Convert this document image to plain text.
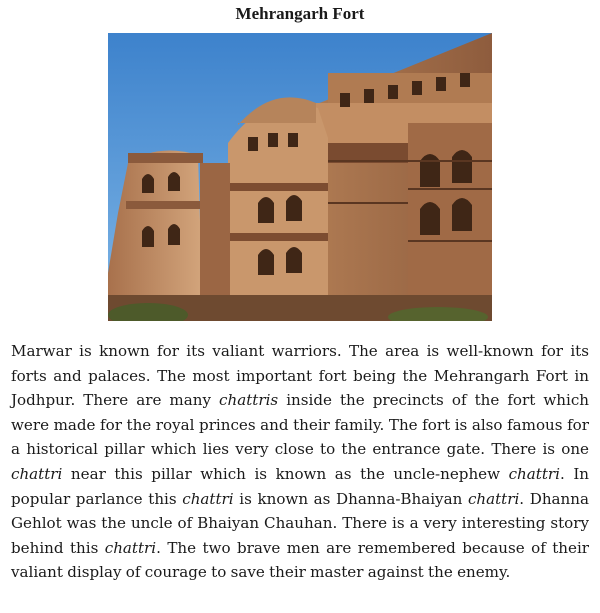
Mehrangarh Fort

Marwar is known for its valiant warriors. The area is well-known for its forts and palaces. The most important fort being the Mehrangarh Fort in Jodhpur. There are many chattris inside the precincts of the fort which were made for the royal princes and their family. The fort is also famous for a historical pillar which lies very close to the entrance gate. There is one chattri near this pillar which is known as the uncle-nephew chattri. In popular parlance this chattri is known as Dhanna-Bhaiyan chattri. Dhanna Gehlot was the uncle of Bhaiyan Chauhan. There is a very interesting story behind this chattri. The two brave men are remembered because of their valiant display of courage to save their master against the enemy.
